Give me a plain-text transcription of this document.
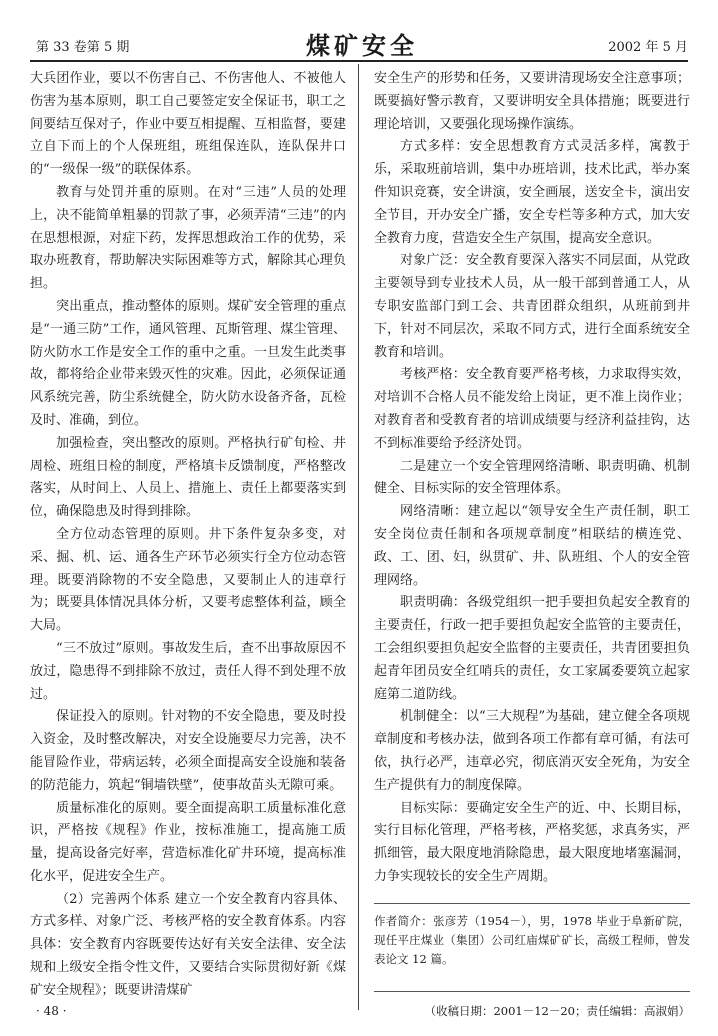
第 33 卷第 5 期	煤矿安全	2002 年 5 月

大兵团作业，要以不伤害自己、不伤害他人、不被他人伤害为基本原则，职工自己要签定安全保证书，职工之间要结互保对子，作业中要互相提醒、互相监督，要建立自下而上的个人保班组，班组保连队，连队保井口的“一级保一级”的联保体系。

教育与处罚并重的原则。在对“三违”人员的处理上，决不能简单粗暴的罚款了事，必须弄清“三违”的内在思想根源，对症下药，发挥思想政治工作的优势，采取办班教育，帮助解决实际困难等方式，解除其心理负担。

突出重点，推动整体的原则。煤矿安全管理的重点是“一通三防”工作，通风管理、瓦斯管理、煤尘管理、防火防水工作是安全工作的重中之重。一旦发生此类事故，都将给企业带来毁灭性的灾难。因此，必须保证通风系统完善，防尘系统健全，防火防水设备齐备，瓦检及时、准确，到位。

加强检查，突出整改的原则。严格执行矿旬检、井周检、班组日检的制度，严格填卡反馈制度，严格整改落实，从时间上、人员上、措施上、责任上都要落实到位，确保隐患及时得到排除。

全方位动态管理的原则。井下条件复杂多变，对采、掘、机、运、通各生产环节必须实行全方位动态管理。既要消除物的不安全隐患，又要制止人的违章行为；既要具体情况具体分析，又要考虑整体利益，顾全大局。

“三不放过”原则。事故发生后，查不出事故原因不放过，隐患得不到排除不放过，责任人得不到处理不放过。

保证投入的原则。针对物的不安全隐患，要及时投入资金，及时整改解决，对安全设施要尽力完善，决不能冒险作业，带病运转，必须全面提高安全设施和装备的防范能力，筑起“铜墙铁壁”，使事故苗头无隙可乘。

质量标准化的原则。要全面提高职工质量标准化意识，严格按《规程》作业，按标准施工，提高施工质量，提高设备完好率，营造标准化矿井环境，提高标准化水平，促进安全生产。

（2）完善两个体系 建立一个安全教育内容具体、方式多样、对象广泛、考核严格的安全教育体系。内容具体：安全教育内容既要传达好有关安全法律、安全法规和上级安全指令性文件，又要结合实际贯彻好新《煤矿安全规程》；既要讲清煤矿

安全生产的形势和任务，又要讲清现场安全注意事项；既要搞好警示教育，又要讲明安全具体措施；既要进行理论培训，又要强化现场操作演练。

方式多样：安全思想教育方式灵活多样，寓教于乐，采取班前培训，集中办班培训，技术比武，举办案件知识竞赛，安全讲演，安全画展，送安全卡，演出安全节目，开办安全广播，安全专栏等多种方式，加大安全教育力度，营造安全生产氛围，提高安全意识。

对象广泛：安全教育要深入落实不同层面，从党政主要领导到专业技术人员，从一般干部到普通工人，从专职安监部门到工会、共青团群众组织，从班前到井下，针对不同层次，采取不同方式，进行全面系统安全教育和培训。

考核严格：安全教育要严格考核，力求取得实效，对培训不合格人员不能发给上岗证，更不准上岗作业；对教育者和受教育者的培训成绩要与经济利益挂钩，达不到标准要给予经济处罚。

二是建立一个安全管理网络清晰、职责明确、机制健全、目标实际的安全管理体系。

网络清晰：建立起以“领导安全生产责任制，职工安全岗位责任制和各项规章制度”相联结的横连党、政、工、团、妇，纵贯矿、井、队班组、个人的安全管理网络。

职责明确：各级党组织一把手要担负起安全教育的主要责任，行政一把手要担负起安全监管的主要责任，工会组织要担负起安全监督的主要责任，共青团要担负起青年团员安全红哨兵的责任，女工家属委要筑立起家庭第二道防线。

机制健全：以“三大规程”为基础，建立健全各项规章制度和考核办法，做到各项工作都有章可循，有法可依，执行必严，违章必究，彻底消灭安全死角，为安全生产提供有力的制度保障。

目标实际：要确定安全生产的近、中、长期目标，实行目标化管理，严格考核，严格奖惩，求真务实，严抓细管，最大限度地消除隐患，最大限度地堵塞漏洞，力争实现较长的安全生产周期。

作者简介：张彦芳（1954－），男，1978 毕业于阜新矿院，现任平庄煤业（集团）公司红庙煤矿矿长，高级工程师，曾发表论文 12 篇。
（收稿日期：2001－12－20；责任编辑：高淑娟）
· 48 ·
